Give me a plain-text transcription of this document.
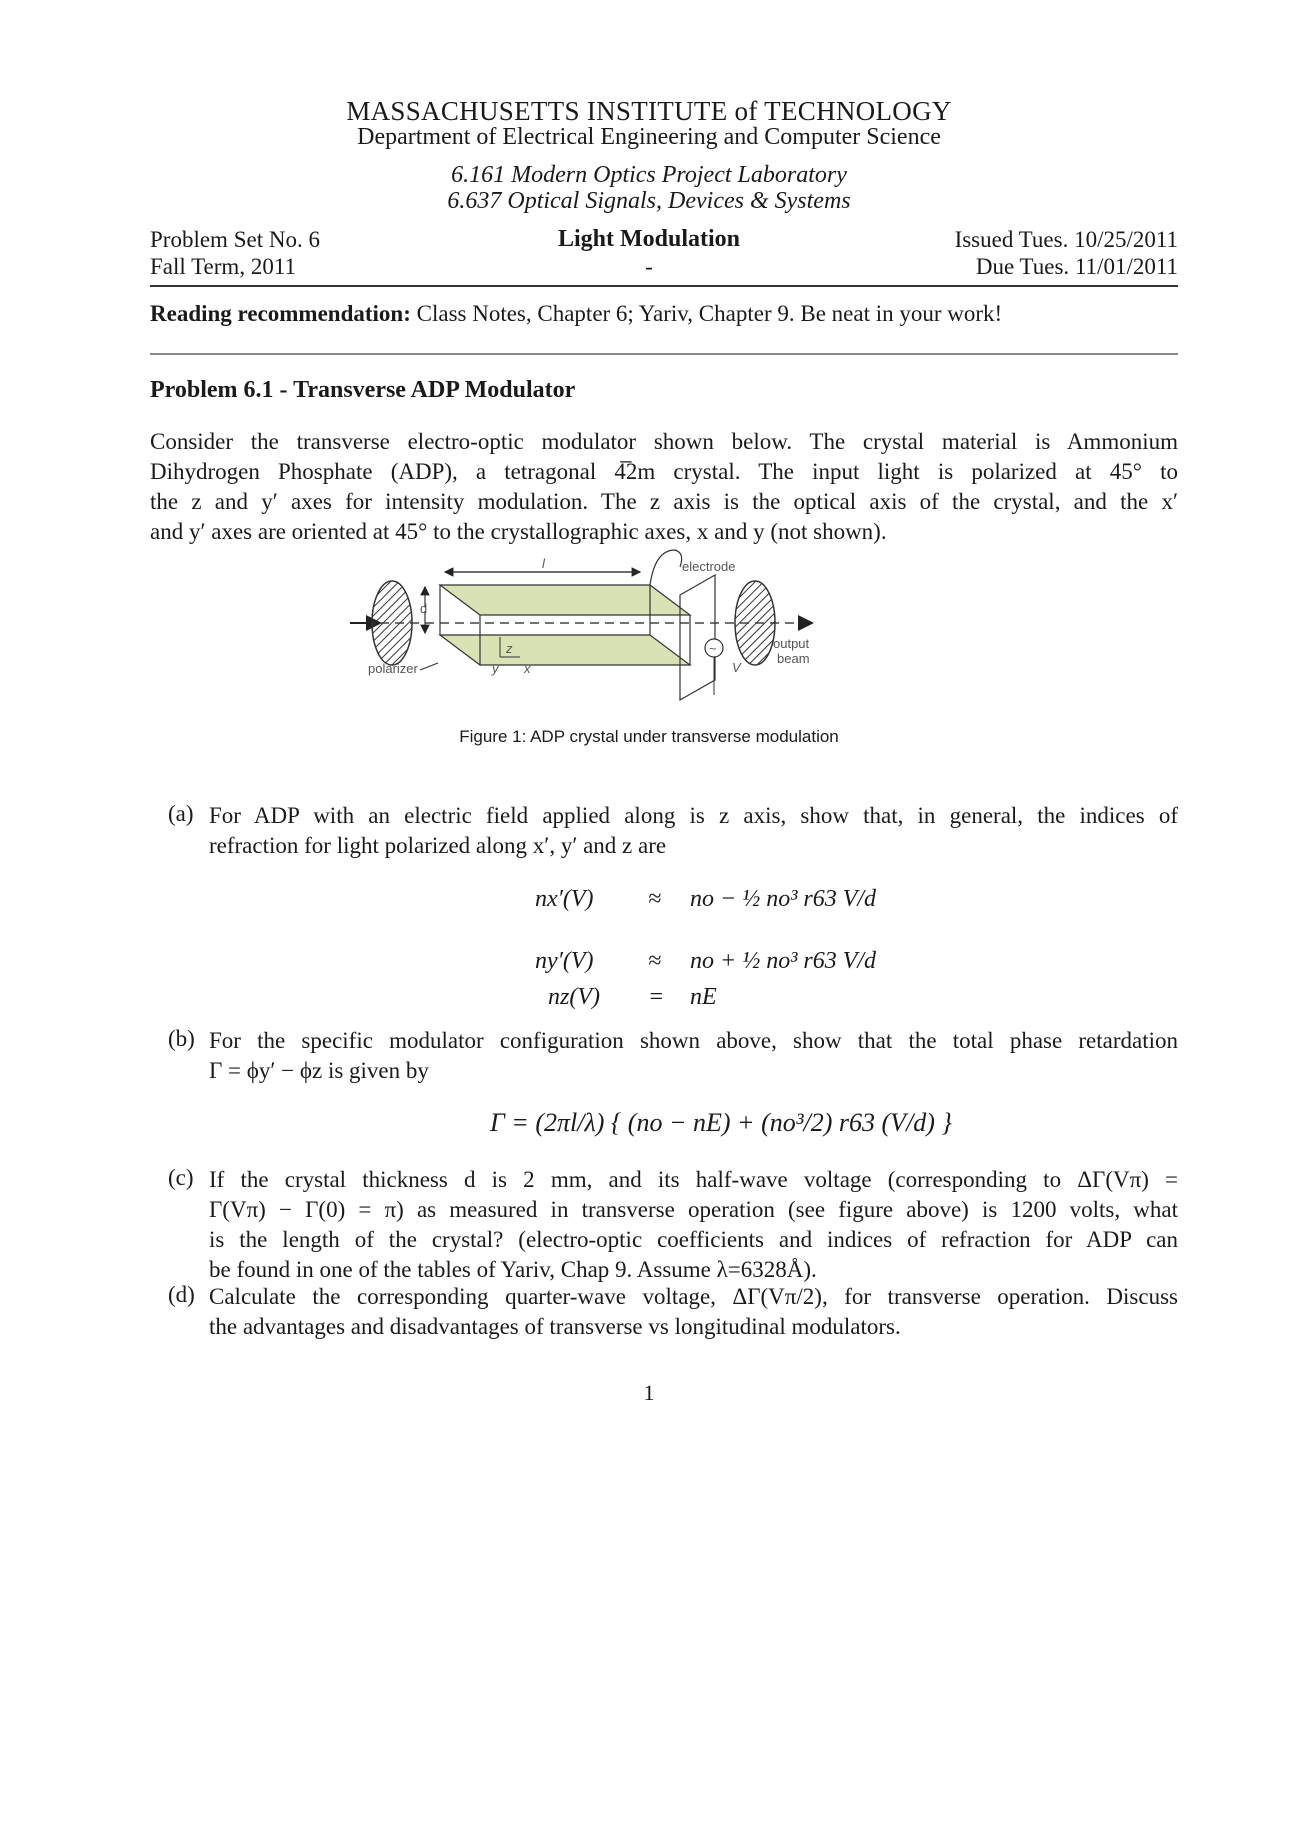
MASSACHUSETTS INSTITUTE of TECHNOLOGY
Department of Electrical Engineering and Computer Science
6.161 Modern Optics Project Laboratory
6.637 Optical Signals, Devices & Systems
Problem Set No. 6
Fall Term, 2011
Light Modulation
-
Issued Tues. 10/25/2011
Due Tues. 11/01/2011
Reading recommendation: Class Notes, Chapter 6; Yariv, Chapter 9. Be neat in your work!
Problem 6.1 - Transverse ADP Modulator
Consider the transverse electro-optic modulator shown below. The crystal material is Ammonium
Dihydrogen Phosphate (ADP), a tetragonal 4̅2m crystal. The input light is polarized at 45° to
the z and y′ axes for intensity modulation. The z axis is the optical axis of the crystal, and the x′
and y′ axes are oriented at 45° to the crystallographic axes, x and y (not shown).
l
d
electrode
y
z
x
~
V
polarizer
output
beam
Figure 1: ADP crystal under transverse modulation
(a) For ADP with an electric field applied along is z axis, show that, in general, the indices of
refraction for light polarized along x′, y′ and z are
nx′(V) ≈ no − ½ no³ r63 V/d
ny′(V) ≈ no + ½ no³ r63 V/d
nz(V) = nE
(b) For the specific modulator configuration shown above, show that the total phase retardation
Γ = ϕy′ − ϕz is given by
Γ = (2πl/λ) { (no − nE) + (no³/2) r63 (V/d) }
(c) If the crystal thickness d is 2 mm, and its half-wave voltage (corresponding to ΔΓ(Vπ) =
Γ(Vπ) − Γ(0) = π) as measured in transverse operation (see figure above) is 1200 volts, what
is the length of the crystal? (electro-optic coefficients and indices of refraction for ADP can
be found in one of the tables of Yariv, Chap 9. Assume λ=6328Å).
(d) Calculate the corresponding quarter-wave voltage, ΔΓ(Vπ/2), for transverse operation. Discuss
the advantages and disadvantages of transverse vs longitudinal modulators.
1
